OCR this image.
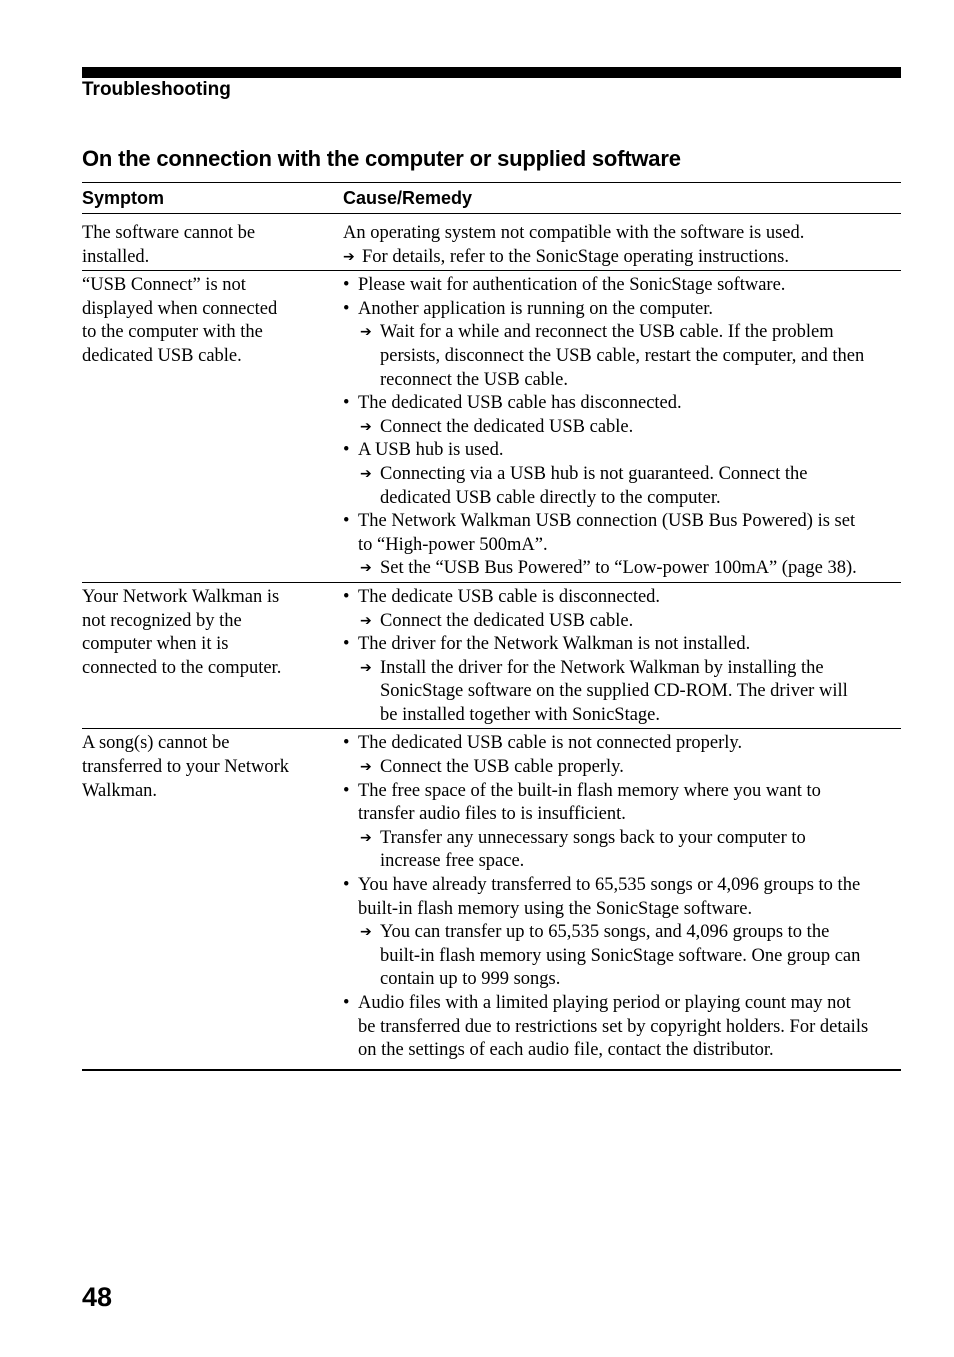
Troubleshooting
On the connection with the computer or supplied software
Symptom	Cause/Remedy
The software cannot be
installed.
An operating system not compatible with the software is used.
➔ For details, refer to the SonicStage operating instructions.
“USB Connect” is not
displayed when connected
to the computer with the
dedicated USB cable.
• Please wait for authentication of the SonicStage software.
• Another application is running on the computer.
➔ Wait for a while and reconnect the USB cable. If the problem
persists, disconnect the USB cable, restart the computer, and then
reconnect the USB cable.
• The dedicated USB cable has disconnected.
➔ Connect the dedicated USB cable.
• A USB hub is used.
➔ Connecting via a USB hub is not guaranteed. Connect the
dedicated USB cable directly to the computer.
• The Network Walkman USB connection (USB Bus Powered) is set
to “High-power 500mA”.
➔ Set the “USB Bus Powered” to “Low-power 100mA” (page 38).
Your Network Walkman is
not recognized by the
computer when it is
connected to the computer.
• The dedicate USB cable is disconnected.
➔ Connect the dedicated USB cable.
• The driver for the Network Walkman is not installed.
➔ Install the driver for the Network Walkman by installing the
SonicStage software on the supplied CD-ROM. The driver will
be installed together with SonicStage.
A song(s) cannot be
transferred to your Network
Walkman.
• The dedicated USB cable is not connected properly.
➔ Connect the USB cable properly.
• The free space of the built-in flash memory where you want to
transfer audio files to is insufficient.
➔ Transfer any unnecessary songs back to your computer to
increase free space.
• You have already transferred to 65,535 songs or 4,096 groups to the
built-in flash memory using the SonicStage software.
➔ You can transfer up to 65,535 songs, and 4,096 groups to the
built-in flash memory using SonicStage software. One group can
contain up to 999 songs.
• Audio files with a limited playing period or playing count may not
be transferred due to restrictions set by copyright holders. For details
on the settings of each audio file, contact the distributor.
48
